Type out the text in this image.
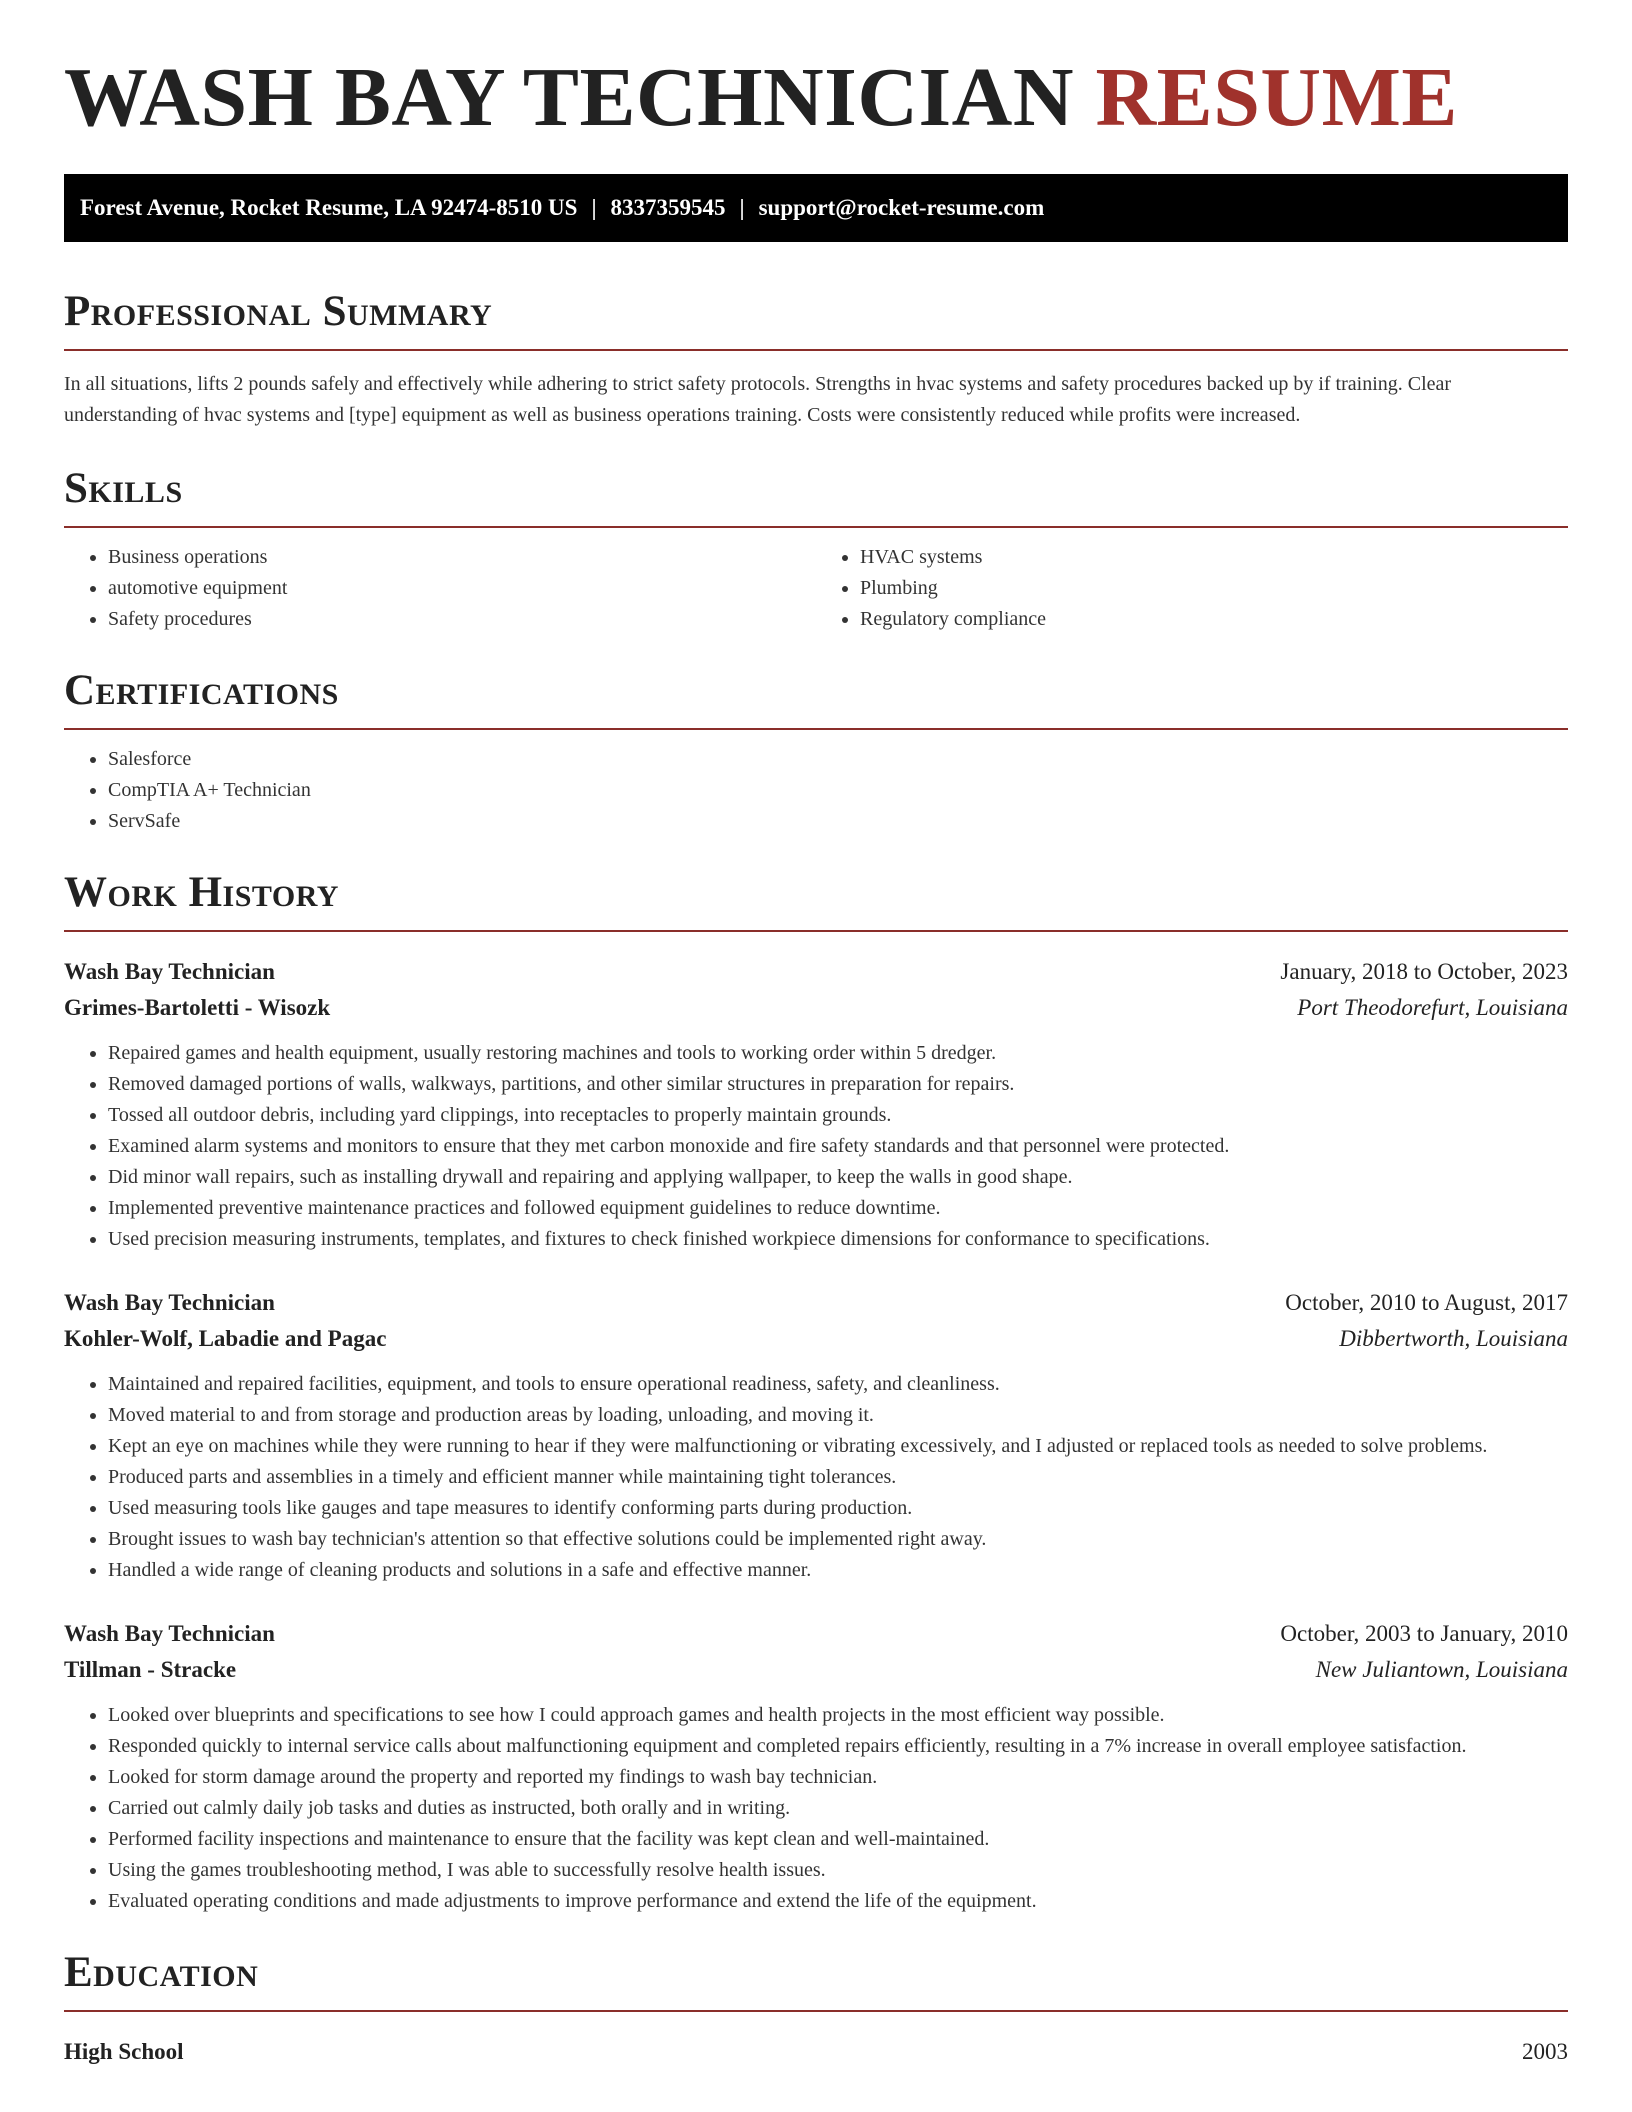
WASH BAY TECHNICIAN RESUME
Forest Avenue, Rocket Resume, LA 92474-8510 US | 8337359545 | support@rocket-resume.com
Professional Summary

In all situations, lifts 2 pounds safely and effectively while adhering to strict safety protocols. Strengths in hvac systems and safety procedures backed up by if training. Clear understanding of hvac systems and [type] equipment as well as business operations training. Costs were consistently reduced while profits were increased.

Skills
• Business operations
• automotive equipment
• Safety procedures
• HVAC systems
• Plumbing
• Regulatory compliance
Certifications
• Salesforce
• CompTIA A+ Technician
• ServSafe
Work History
Wash Bay Technician	January, 2018 to October, 2023
Grimes-Bartoletti - Wisozk	Port Theodorefurt, Louisiana
• Repaired games and health equipment, usually restoring machines and tools to working order within 5 dredger.
• Removed damaged portions of walls, walkways, partitions, and other similar structures in preparation for repairs.
• Tossed all outdoor debris, including yard clippings, into receptacles to properly maintain grounds.
• Examined alarm systems and monitors to ensure that they met carbon monoxide and fire safety standards and that personnel were protected.
• Did minor wall repairs, such as installing drywall and repairing and applying wallpaper, to keep the walls in good shape.
• Implemented preventive maintenance practices and followed equipment guidelines to reduce downtime.
• Used precision measuring instruments, templates, and fixtures to check finished workpiece dimensions for conformance to specifications.
Wash Bay Technician	October, 2010 to August, 2017
Kohler-Wolf, Labadie and Pagac	Dibbertworth, Louisiana
• Maintained and repaired facilities, equipment, and tools to ensure operational readiness, safety, and cleanliness.
• Moved material to and from storage and production areas by loading, unloading, and moving it.
• Kept an eye on machines while they were running to hear if they were malfunctioning or vibrating excessively, and I adjusted or replaced tools as needed to solve problems.
• Produced parts and assemblies in a timely and efficient manner while maintaining tight tolerances.
• Used measuring tools like gauges and tape measures to identify conforming parts during production.
• Brought issues to wash bay technician's attention so that effective solutions could be implemented right away.
• Handled a wide range of cleaning products and solutions in a safe and effective manner.
Wash Bay Technician	October, 2003 to January, 2010
Tillman - Stracke	New Juliantown, Louisiana
• Looked over blueprints and specifications to see how I could approach games and health projects in the most efficient way possible.
• Responded quickly to internal service calls about malfunctioning equipment and completed repairs efficiently, resulting in a 7% increase in overall employee satisfaction.
• Looked for storm damage around the property and reported my findings to wash bay technician.
• Carried out calmly daily job tasks and duties as instructed, both orally and in writing.
• Performed facility inspections and maintenance to ensure that the facility was kept clean and well-maintained.
• Using the games troubleshooting method, I was able to successfully resolve health issues.
• Evaluated operating conditions and made adjustments to improve performance and extend the life of the equipment.
Education
High School	2003
